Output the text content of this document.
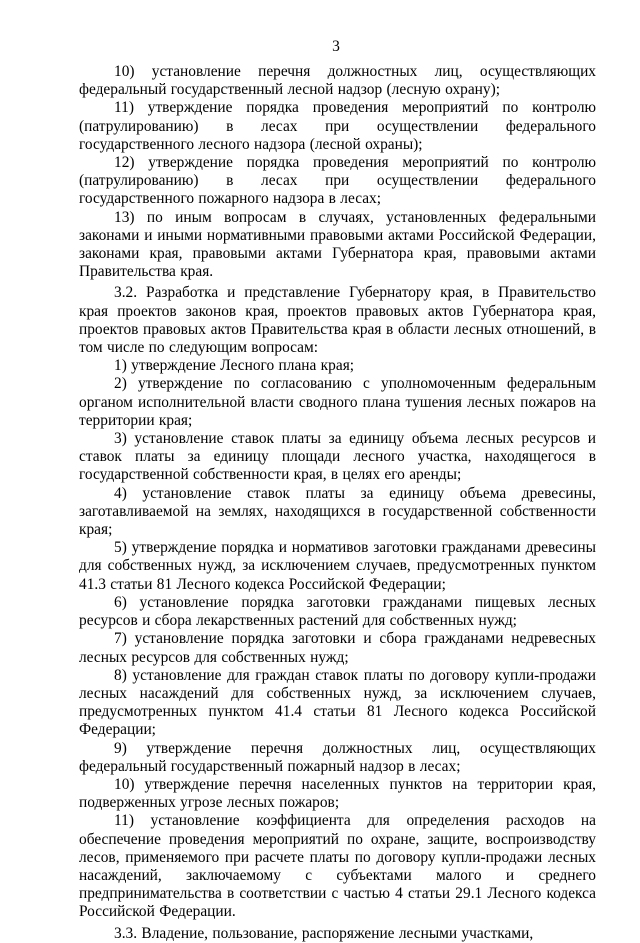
3

10) установление перечня должностных лиц, осуществляющих федеральный государственный лесной надзор (лесную охрану);

11) утверждение порядка проведения мероприятий по контролю (патрулированию) в лесах при осуществлении федерального государственного лесного надзора (лесной охраны);

12) утверждение порядка проведения мероприятий по контролю (патрулированию) в лесах при осуществлении федерального государственного пожарного надзора в лесах;

13) по иным вопросам в случаях, установленных федеральными законами и иными нормативными правовыми актами Российской Федерации, законами края, правовыми актами Губернатора края, правовыми актами Правительства края.

3.2. Разработка и представление Губернатору края, в Правительство края проектов законов края, проектов правовых актов Губернатора края, проектов правовых актов Правительства края в области лесных отношений, в том числе по следующим вопросам:

1) утверждение Лесного плана края;

2) утверждение по согласованию с уполномоченным федеральным органом исполнительной власти сводного плана тушения лесных пожаров на территории края;

3) установление ставок платы за единицу объема лесных ресурсов и ставок платы за единицу площади лесного участка, находящегося в государственной собственности края, в целях его аренды;

4) установление ставок платы за единицу объема древесины, заготавливаемой на землях, находящихся в государственной собственности края;

5) утверждение порядка и нормативов заготовки гражданами древесины для собственных нужд, за исключением случаев, предусмотренных пунктом 41.3 статьи 81 Лесного кодекса Российской Федерации;

6) установление порядка заготовки гражданами пищевых лесных ресурсов и сбора лекарственных растений для собственных нужд;

7) установление порядка заготовки и сбора гражданами недревесных лесных ресурсов для собственных нужд;

8) установление для граждан ставок платы по договору купли-продажи лесных насаждений для собственных нужд, за исключением случаев, предусмотренных пунктом 41.4 статьи 81 Лесного кодекса Российской Федерации;

9) утверждение перечня должностных лиц, осуществляющих федеральный государственный пожарный надзор в лесах;

10) утверждение перечня населенных пунктов на территории края, подверженных угрозе лесных пожаров;

11) установление коэффициента для определения расходов на обеспечение проведения мероприятий по охране, защите, воспроизводству лесов, применяемого при расчете платы по договору купли-продажи лесных насаждений, заключаемому с субъектами малого и среднего предпринимательства в соответствии с частью 4 статьи 29.1 Лесного кодекса Российской Федерации.

3.3. Владение, пользование, распоряжение лесными участками,
